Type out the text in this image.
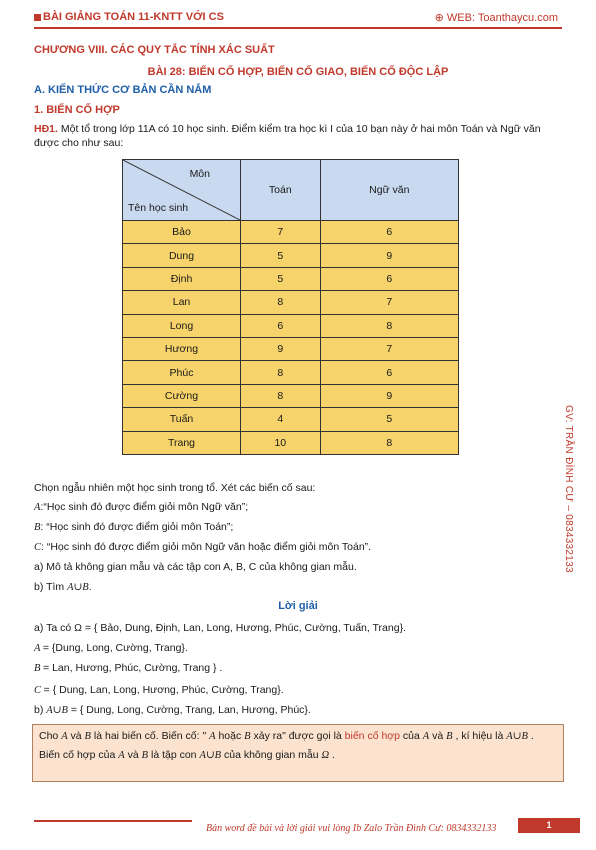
BÀI GIẢNG TOÁN 11-KNTT VỚI CS	⊕ WEB: Toanthaycu.com
CHƯƠNG VIII. CÁC QUY TẮC TÍNH XÁC SUẤT
BÀI 28: BIẾN CỐ HỢP, BIẾN CỐ GIAO, BIẾN CỐ ĐỘC LẬP
A. KIẾN THỨC CƠ BẢN CẦN NẮM
1. BIẾN CỐ HỢP
HĐ1. Một tổ trong lớp 11A có 10 học sinh. Điểm kiểm tra học kì I của 10 bạn này ở hai môn Toán và Ngữ văn được cho như sau:
Môn
Tên học sinh	Toán	Ngữ văn
Bảo	7	6
Dung	5	9
Định	5	6
Lan	8	7
Long	6	8
Hương	9	7
Phúc	8	6
Cường	8	9
Tuấn	4	5
Trang	10	8
Chọn ngẫu nhiên một học sinh trong tổ. Xét các biến cố sau:
A:“Học sinh đó được điểm giỏi môn Ngữ văn”;
B: “Học sinh đó được điểm giỏi môn Toán”;
C: “Học sinh đó được điểm giỏi môn Ngữ văn hoặc điểm giỏi môn Toán”.
a) Mô tả không gian mẫu và các tập con A, B, C của không gian mẫu.
b) Tìm A∪B.
Lời giải
a) Ta có Ω = { Bảo, Dung, Định, Lan, Long, Hương, Phúc, Cường, Tuấn, Trang}.
A = {Dung, Long, Cường, Trang}.
B = Lan, Hương, Phúc, Cường, Trang } .
C = { Dung, Lan, Long, Hương, Phúc, Cường, Trang}.
b) A∪B = { Dung, Long, Cường, Trang, Lan, Hương, Phúc}.
Cho A và B là hai biến cố. Biến cố: " A hoặc B xảy ra" được gọi là biến cố hợp của A và B , kí hiệu là A∪B .
Biến cố hợp của A và B là tập con A∪B của không gian mẫu Ω .
GV: TRẦN ĐÌNH CƯ – 0834332133
Bản word đề bài và lời giải vui lòng Ib Zalo Trần Đình Cư: 0834332133	1
